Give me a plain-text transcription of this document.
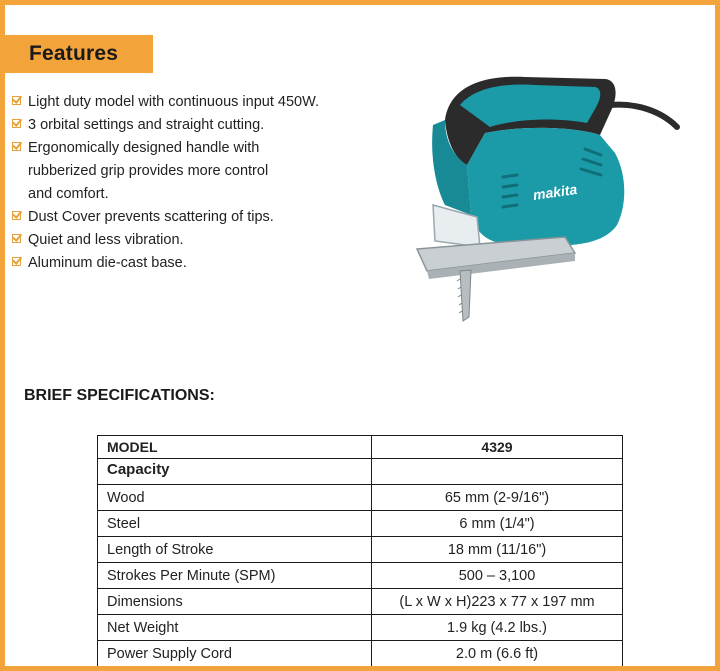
Features
Light duty model with continuous input 450W.
3 orbital settings and straight cutting.
Ergonomically designed handle with
rubberized grip provides more control
and comfort.
Dust Cover prevents scattering of tips.
Quiet and less vibration.
Aluminum die-cast base.
makita
BRIEF SPECIFICATIONS:
MODEL	4329
Capacity	
Wood	65 mm (2-9/16")
Steel	6 mm (1/4")
Length of Stroke	18 mm (11/16")
Strokes Per Minute (SPM)	500 – 3,100
Dimensions	(L x W x H)223 x 77 x 197 mm
Net Weight	1.9 kg (4.2 lbs.)
Power Supply Cord	2.0 m (6.6 ft)
